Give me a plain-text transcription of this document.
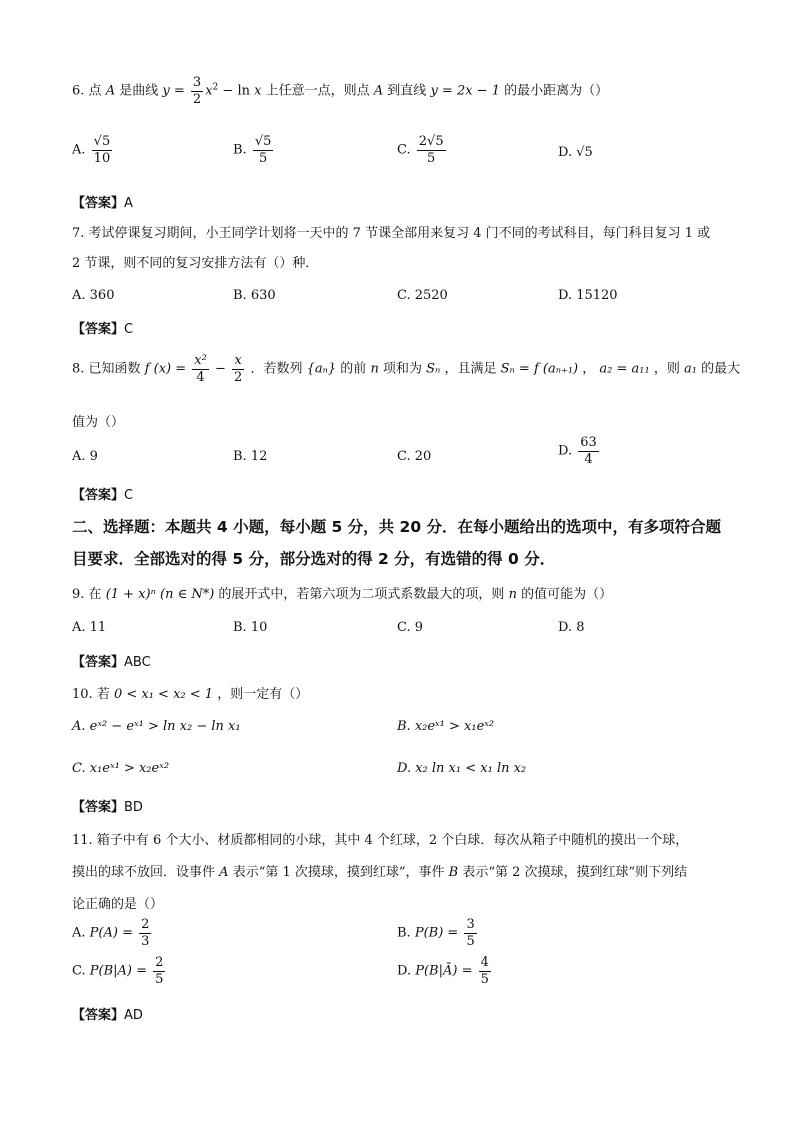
6. 点 A 是曲线 $y = \frac{3}{2} x^2 - \ln x$ 上任意一点，则点 A 到直线 y = 2x − 1 的最小距离为（）
A. $\frac{√5}{10}$	B. $\frac{√5}{5}$	C. $\frac{2√5}{5}$	D. √5
【答案】A
7. 考试停课复习期间，小王同学计划将一天中的 7 节课全部用来复习 4 门不同的考试科目，每门科目复习 1 或 2 节课，则不同的复习安排方法有（）种．
A. 360	B. 630	C. 2520	D. 15120
【答案】C
8. 已知函数 f $(x) = \frac{\text{x²}}{4} - \frac{x}{2}$ ．若数列 {aₙ} 的前 n 项和为 Sₙ ，且满足 Sₙ = f (aₙ₊₁) ， a₂ = a₁₁ ，则 a₁ 的最大
值为（）
A. 9	B. 12	C. 20	D. $\frac{63}{4}$
【答案】C
二、选择题：本题共 4 小题，每小题 5 分，共 20 分．在每小题给出的选项中，有多项符合题
目要求．全部选对的得 5 分，部分选对的得 2 分，有选错的得 0 分．
9. 在 (1 + x)ⁿ (n ∈ N*) 的展开式中，若第六项为二项式系数最大的项，则 n 的值可能为（）
A. 11	B. 10	C. 9	D. 8
【答案】ABC
10. 若 0 < x₁ < x₂ < 1 ，则一定有（）
A. eˣ² − eˣ¹ > ln x₂ − ln x₁	B. x₂eˣ¹ > x₁eˣ²
C. x₁eˣ¹ > x₂eˣ²	D. x₂ ln x₁ < x₁ ln x₂
【答案】BD
11. 箱子中有 6 个大小、材质都相同的小球，其中 4 个红球，2 个白球．每次从箱子中随机的摸出一个球，
摸出的球不放回．设事件 A 表示“第 1 次摸球，摸到红球”，事件 B 表示“第 2 次摸球，摸到红球”则下列结
论正确的是（）
A. $P(A) = \frac{2}{3}$	B. $P(B) = \frac{3}{5}$
C. $P(B|A) = \frac{2}{5}$	D. P(B|Ā) = $\frac{4}{5}$
【答案】AD
